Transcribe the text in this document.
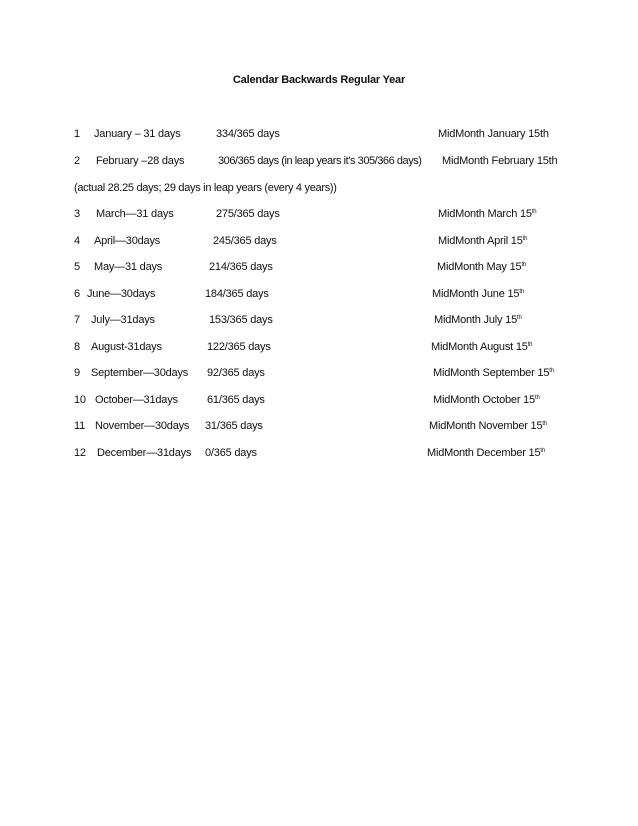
Calendar Backwards Regular Year
1 January – 31 days	334/365 days	MidMonth January 15th
2 February –28 days	306/365 days (in leap years it’s 305/366 days) MidMonth February 15th
(actual 28.25 days; 29 days in leap years (every 4 years))
3 March—31 days	275/365 days	MidMonth March 15th
4 April—30days	245/365 days	MidMonth April 15th
5 May—31 days	214/365 days	MidMonth May 15th
6 June—30days	184/365 days	MidMonth June 15th
7 July—31days	153/365 days	MidMonth July 15th
8 August-31days	122/365 days	MidMonth August 15th
9 September—30days 92/365 days	MidMonth September 15th
10 October—31days	61/365 days	MidMonth October 15th
11 November—30days 31/365 days	MidMonth November 15th
12 December—31days 0/365 days	MidMonth December 15th
